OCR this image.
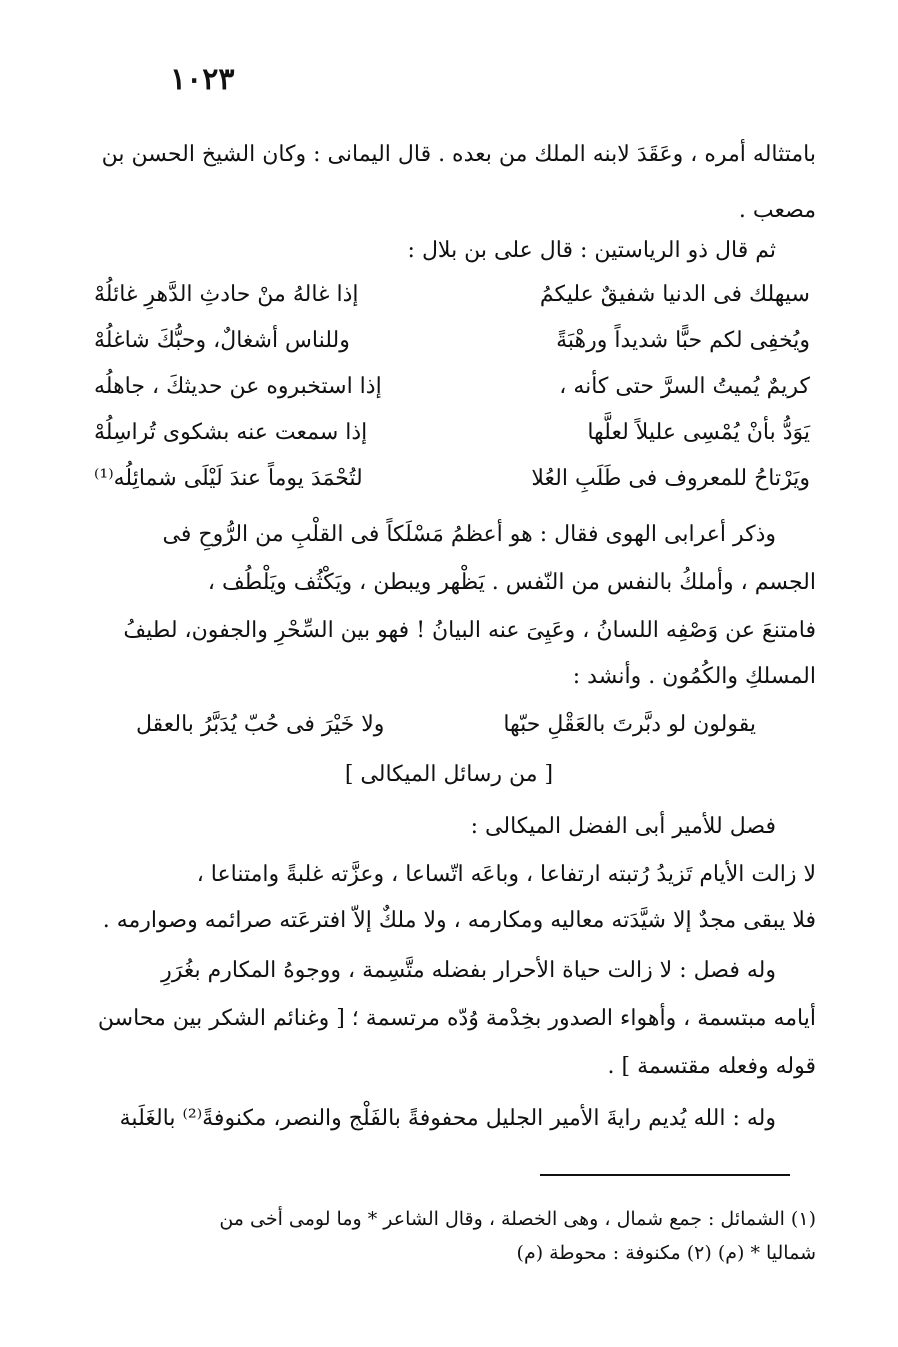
١٠٢٣
بامتثاله أمره ، وعَقَدَ لابنه الملك من بعده . قال اليمانى : وكان الشيخ الحسن بن
مصعب .
ثم قال ذو الرياستين : قال على بن بلال :
سيهلك فى الدنيا شفيقٌ عليكمُ
إذا غالهُ منْ حادثِ الدَّهرِ غائلُهْ
ويُخفِى لكم حبًّا شديداً ورهْبَةً
وللناس أشغالٌ، وحبُّكَ شاغلُهْ
كريمٌ يُميتُ السرَّ حتى كأنه ،
إذا استخبروه عن حديثكَ ، جاهلُه
يَوَدُّ بأنْ يُمْسِى عليلاً لعلَّها
إذا سمعت عنه بشكوى تُراسِلُهْ
ويَرْتاحُ للمعروف فى طَلَبِ العُلا
لتُحْمَدَ يوماً عندَ لَيْلَى شمائِلُه⁽¹⁾
وذكر أعرابى الهوى فقال : هو أعظمُ مَسْلَكاً فى القلْبِ من الرُّوحِ فى
الجسم ، وأملكُ بالنفس من النّفس . يَظْهر ويبطن ، ويَكْثُف ويَلْطُف ،
فامتنعَ عن وَصْفِه اللسانُ ، وعَيِىَ عنه البيانُ ! فهو بين السِّحْرِ والجفون، لطيفُ
المسلكِ والكُمُون . وأنشد :
يقولون لو دبَّرتَ بالعَقْلِ حبّها
ولا خَيْرَ فى حُبّ يُدَبَّرُ بالعقل
[ من رسائل الميكالى ]
فصل للأمير أبى الفضل الميكالى :
لا زالت الأيام تَزيدُ رُتبته ارتفاعا ، وباعَه اتّساعا ، وعزَّته غلبةً وامتناعا ،
فلا يبقى مجدٌ إلا شيَّدَته معاليه ومكارمه ، ولا ملكٌ إلاّ افترعَته صرائمه وصوارمه .
وله فصل : لا زالت حياة الأحرار بفضله متَّسِمة ، ووجوهُ المكارم بغُرَرِ
أيامه مبتسمة ، وأهواء الصدور بخِدْمة وُدّه مرتسمة ؛ [ وغنائم الشكر بين محاسن
قوله وفعله مقتسمة ] .
وله : الله يُديم رايةَ الأمير الجليل محفوفةً بالفَلْج والنصر، مكنوفةً⁽²⁾ بالغَلَبة
(١) الشمائل : جمع شمال ، وهى الخصلة ، وقال الشاعر * وما لومى أخى من
شماليا * (م) (٢) مكنوفة : محوطة (م)
